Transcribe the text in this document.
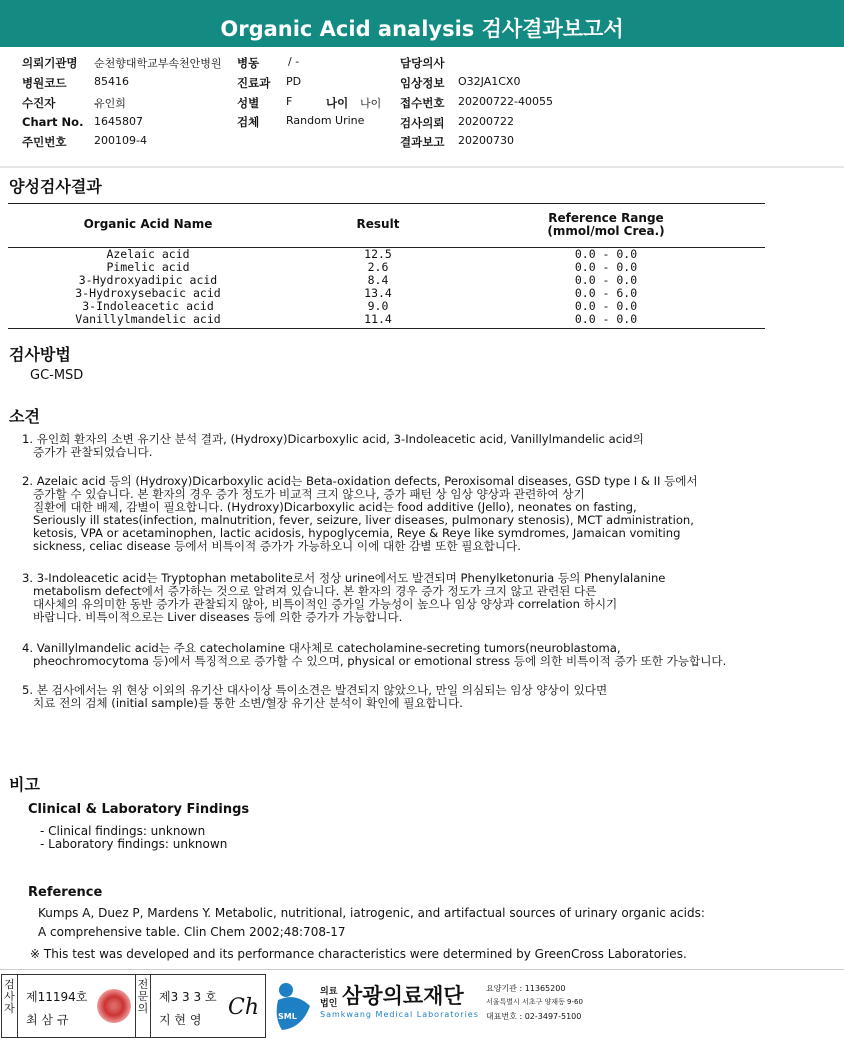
Organic Acid analysis 검사결과보고서
의뢰기관명 순천향대학교부속천안병원
병원코드	85416
수진자	유인희
Chart No. 1645807
주민번호	200109-4
병동	/ -
진료과 PD
성별 F	나이 나이
검체 Random Urine
담당의사
임상정보 O32JA1CX0
접수번호 20200722-40055
검사의뢰 20200722
결과보고 20200730
양성검사결과
Organic Acid Name	Result	Reference Range
(mmol/mol Crea.)
Azelaic acid	12.5	0.0 - 0.0
Pimelic acid	2.6	0.0 - 0.0
3-Hydroxyadipic acid	8.4	0.0 - 0.0
3-Hydroxysebacic acid	13.4	0.0 - 6.0
3-Indoleacetic acid	9.0	0.0 - 0.0
Vanillylmandelic acid	11.4	0.0 - 0.0
검사방법
GC-MSD
소견
1. 유인희 환자의 소변 유기산 분석 결과, (Hydroxy)Dicarboxylic acid, 3-Indoleacetic acid, Vanillylmandelic acid의
증가가 관찰되었습니다.
2. Azelaic acid 등의 (Hydroxy)Dicarboxylic acid는 Beta-oxidation defects, Peroxisomal diseases, GSD type I & II 등에서
증가할 수 있습니다. 본 환자의 경우 증가 정도가 비교적 크지 않으나, 증가 패턴 상 임상 양상과 관련하여 상기
질환에 대한 배제, 감별이 필요합니다. (Hydroxy)Dicarboxylic acid는 food additive (Jello), neonates on fasting,
Seriously ill states(infection, malnutrition, fever, seizure, liver diseases, pulmonary stenosis), MCT administration,
ketosis, VPA or acetaminophen, lactic acidosis, hypoglycemia, Reye & Reye like symdromes, Jamaican vomiting
sickness, celiac disease 등에서 비특이적 증가가 가능하오니 이에 대한 감별 또한 필요합니다.
3. 3-Indoleacetic acid는 Tryptophan metabolite로서 정상 urine에서도 발견되며 Phenylketonuria 등의 Phenylalanine
metabolism defect에서 증가하는 것으로 알려져 있습니다. 본 환자의 경우 증가 정도가 크지 않고 관련된 다른
대사체의 유의미한 동반 증가가 관찰되지 않아, 비특이적인 증가일 가능성이 높으나 임상 양상과 correlation 하시기
바랍니다. 비특이적으로는 Liver diseases 등에 의한 증가가 가능합니다.
4. Vanillylmandelic acid는 주요 catecholamine 대사체로 catecholamine-secreting tumors(neuroblastoma,
pheochromocytoma 등)에서 특징적으로 증가할 수 있으며, physical or emotional stress 등에 의한 비특이적 증가 또한 가능합니다.
5. 본 검사에서는 위 현상 이외의 유기산 대사이상 특이소견은 발견되지 않았으나, 만일 의심되는 임상 양상이 있다면
치료 전의 검체 (initial sample)를 통한 소변/혈장 유기산 분석이 확인에 필요합니다.
비고
Clinical & Laboratory Findings
- Clinical findings: unknown
- Laboratory findings: unknown
Reference
Kumps A, Duez P, Mardens Y. Metabolic, nutritional, iatrogenic, and artifactual sources of urinary organic acids:
A comprehensive table. Clin Chem 2002;48:708-17
※ This test was developed and its performance characteristics were determined by GreenCross Laboratories.
검사자
제11194호
최 삼 규
전문의
제3 3 3 호
지 현 영 Ch SML
의료
법인 삼광의료재단
Samkwang Medical Laboratories
요양기관 : 11365200
서울특별시 서초구 양재동 9-60
대표번호 : 02-3497-5100
